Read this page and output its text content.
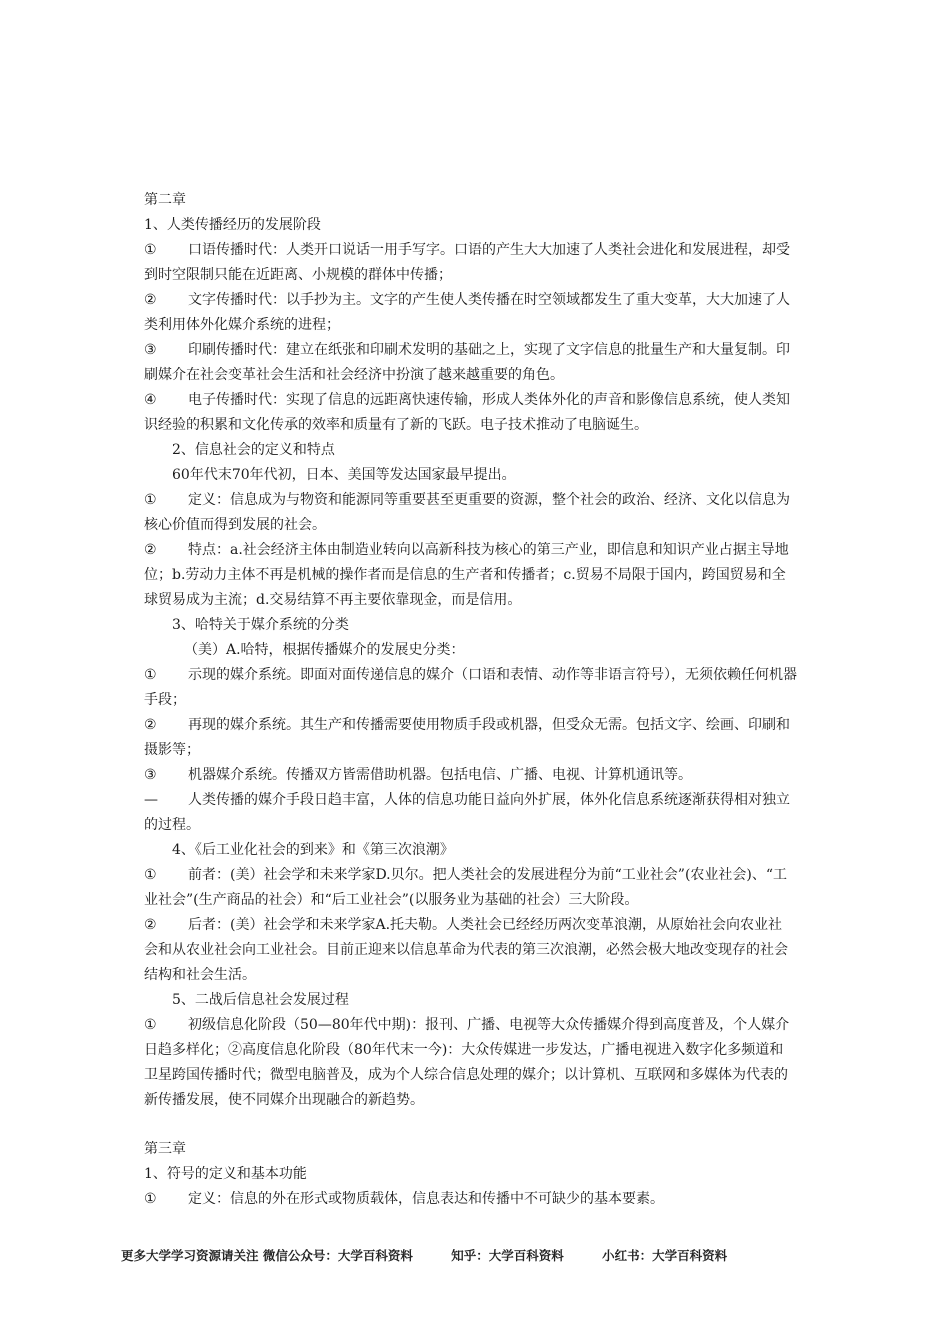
第二章
1、人类传播经历的发展阶段
① 口语传播时代：人类开口说话一用手写字。口语的产生大大加速了人类社会进化和发展进程，却受
到时空限制只能在近距离、小规模的群体中传播；
② 文字传播时代：以手抄为主。文字的产生使人类传播在时空领域都发生了重大变革，大大加速了人
类利用体外化媒介系统的进程；
③ 印刷传播时代：建立在纸张和印刷术发明的基础之上，实现了文字信息的批量生产和大量复制。印
刷媒介在社会变革社会生活和社会经济中扮演了越来越重要的角色。
④ 电子传播时代：实现了信息的远距离快速传输，形成人类体外化的声音和影像信息系统，使人类知
识经验的积累和文化传承的效率和质量有了新的飞跃。电子技术推动了电脑诞生。
2、信息社会的定义和特点
60年代末70年代初，日本、美国等发达国家最早提出。
① 定义：信息成为与物资和能源同等重要甚至更重要的资源，整个社会的政治、经济、文化以信息为
核心价值而得到发展的社会。
② 特点：a.社会经济主体由制造业转向以高新科技为核心的第三产业，即信息和知识产业占据主导地
位；b.劳动力主体不再是机械的操作者而是信息的生产者和传播者；c.贸易不局限于国内，跨国贸易和全
球贸易成为主流；d.交易结算不再主要依靠现金，而是信用。
3、哈特关于媒介系统的分类
（美）A.哈特，根据传播媒介的发展史分类：
① 示现的媒介系统。即面对面传递信息的媒介（口语和表情、动作等非语言符号），无须依赖任何机器
手段；
② 再现的媒介系统。其生产和传播需要使用物质手段或机器，但受众无需。包括文字、绘画、印刷和
摄影等；
③ 机器媒介系统。传播双方皆需借助机器。包括电信、广播、电视、计算机通讯等。
— 人类传播的媒介手段日趋丰富，人体的信息功能日益向外扩展，体外化信息系统逐渐获得相对独立
的过程。
4、《后工业化社会的到来》和《第三次浪潮》
① 前者：(美）社会学和未来学家D.贝尔。把人类社会的发展进程分为前“工业社会”(农业社会)、“工
业社会”(生产商品的社会）和“后工业社会”(以服务业为基础的社会）三大阶段。
② 后者：(美）社会学和未来学家A.托夫勒。人类社会已经经历两次变革浪潮，从原始社会向农业社
会和从农业社会向工业社会。目前正迎来以信息革命为代表的第三次浪潮，必然会极大地改变现存的社会
结构和社会生活。
5、二战后信息社会发展过程
① 初级信息化阶段（50—80年代中期)：报刊、广播、电视等大众传播媒介得到高度普及，个人媒介
日趋多样化；②高度信息化阶段（80年代末一今)：大众传媒进一步发达，广播电视进入数字化多频道和
卫星跨国传播时代；微型电脑普及，成为个人综合信息处理的媒介；以计算机、互联网和多媒体为代表的
新传播发展，使不同媒介出现融合的新趋势。
第三章
1、符号的定义和基本功能
① 定义：信息的外在形式或物质载体，信息表达和传播中不可缺少的基本要素。
更多大学学习资源请关注 微信公众号：大学百科资料	知乎：大学百科资料	小红书：大学百科资料
